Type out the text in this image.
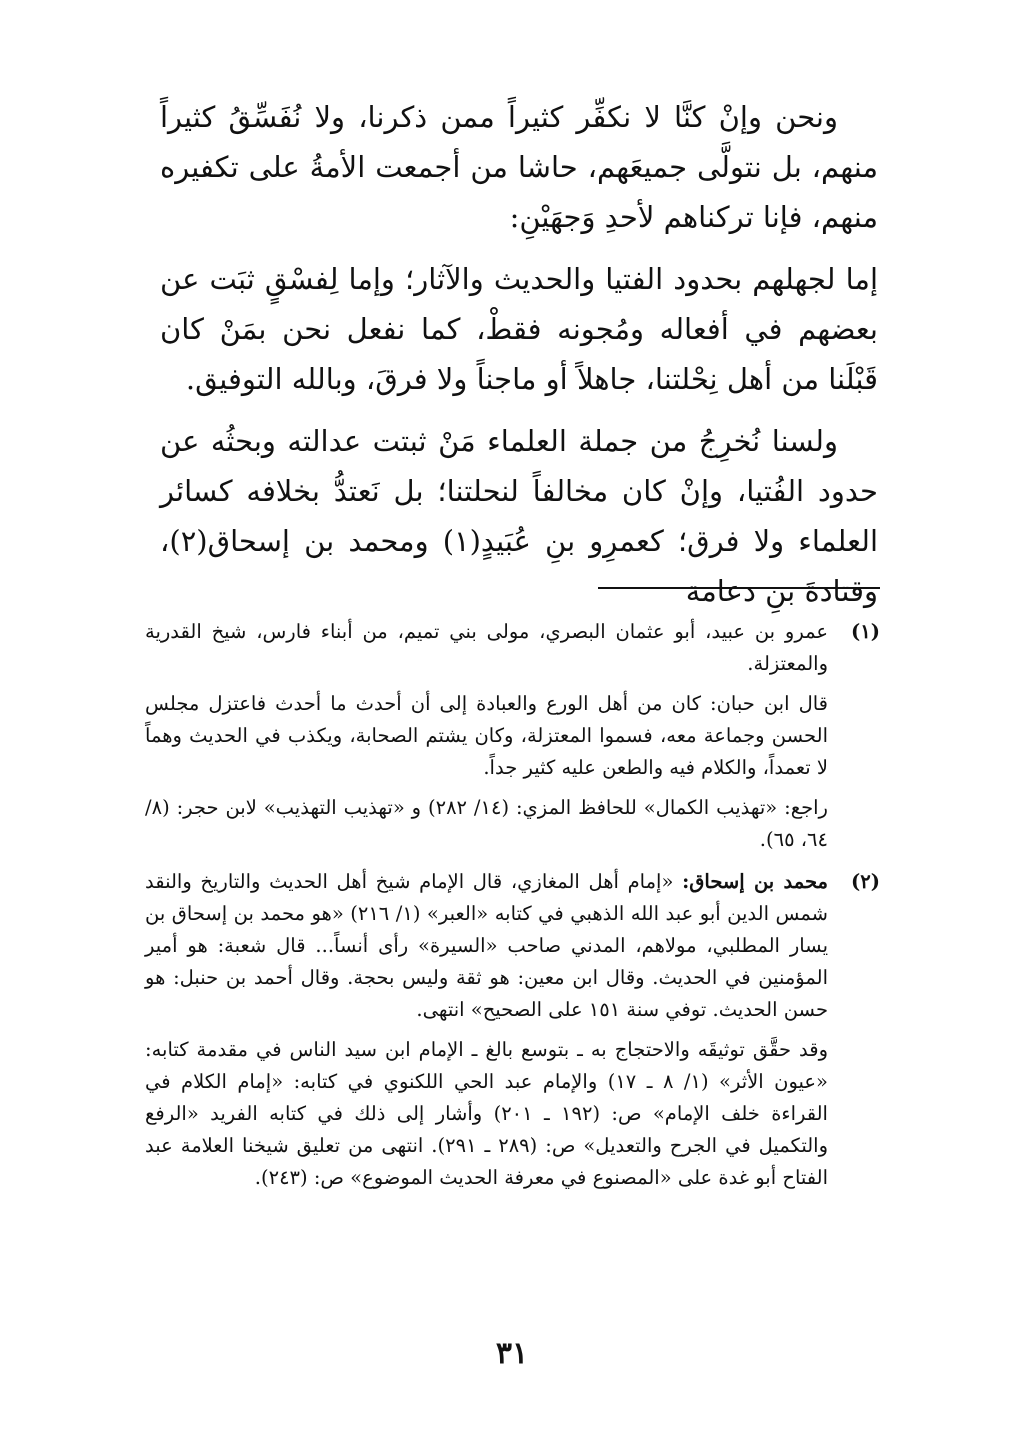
ونحن وإنْ كنَّا لا نكفِّر كثيراً ممن ذكرنا، ولا نُفَسِّقُ كثيراً منهم، بل نتولَّى جميعَهم، حاشا من أجمعت الأمةُ على تكفيره منهم، فإنا تركناهم لأحدِ وَجهَيْنِ:

إما لجهلهم بحدود الفتيا والحديث والآثار؛ وإما لِفسْقٍ ثبَت عن بعضهم في أفعاله ومُجونه فقطْ، كما نفعل نحن بمَنْ كان قَبْلَنا من أهل نِحْلتنا، جاهلاً أو ماجناً ولا فرقَ، وبالله التوفيق.

ولسنا نُخرِجُ من جملة العلماء مَنْ ثبتت عدالته وبحثُه عن حدود الفُتيا، وإنْ كان مخالفاً لنحلتنا؛ بل نَعتدُّ بخلافه كسائر العلماء ولا فرق؛ كعمرِو بنِ عُبَيدٍ(١) ومحمد بن إسحاق(٢)، وقتادةَ بنِ دعامة

(١)

عمرو بن عبيد، أبو عثمان البصري، مولى بني تميم، من أبناء فارس، شيخ القدرية والمعتزلة.

قال ابن حبان: كان من أهل الورع والعبادة إلى أن أحدث ما أحدث فاعتزل مجلس الحسن وجماعة معه، فسموا المعتزلة، وكان يشتم الصحابة، ويكذب في الحديث وهماً لا تعمداً، والكلام فيه والطعن عليه كثير جداً.

راجع: «تهذيب الكمال» للحافظ المزي: (١٤/ ٢٨٢) و «تهذيب التهذيب» لابن حجر: (٨/ ٦٤، ٦٥).

(٢)

محمد بن إسحاق: «إمام أهل المغازي، قال الإمام شيخ أهل الحديث والتاريخ والنقد شمس الدين أبو عبد الله الذهبي في كتابه «العبر» (١/ ٢١٦) «هو محمد بن إسحاق بن يسار المطلبي، مولاهم، المدني صاحب «السيرة» رأى أنساً... قال شعبة: هو أمير المؤمنين في الحديث. وقال ابن معين: هو ثقة وليس بحجة. وقال أحمد بن حنبل: هو حسن الحديث. توفي سنة ١٥١ على الصحيح» انتهى.

وقد حقَّق توثيقَه والاحتجاج به ـ بتوسع بالغ ـ الإمام ابن سيد الناس في مقدمة كتابه: «عيون الأثر» (١/ ٨ ـ ١٧) والإمام عبد الحي اللكنوي في كتابه: «إمام الكلام في القراءة خلف الإمام» ص: (١٩٢ ـ ٢٠١) وأشار إلى ذلك في كتابه الفريد «الرفع والتكميل في الجرح والتعديل» ص: (٢٨٩ ـ ٢٩١). انتهى من تعليق شيخنا العلامة عبد الفتاح أبو غدة على «المصنوع في معرفة الحديث الموضوع» ص: (٢٤٣).

٣١
